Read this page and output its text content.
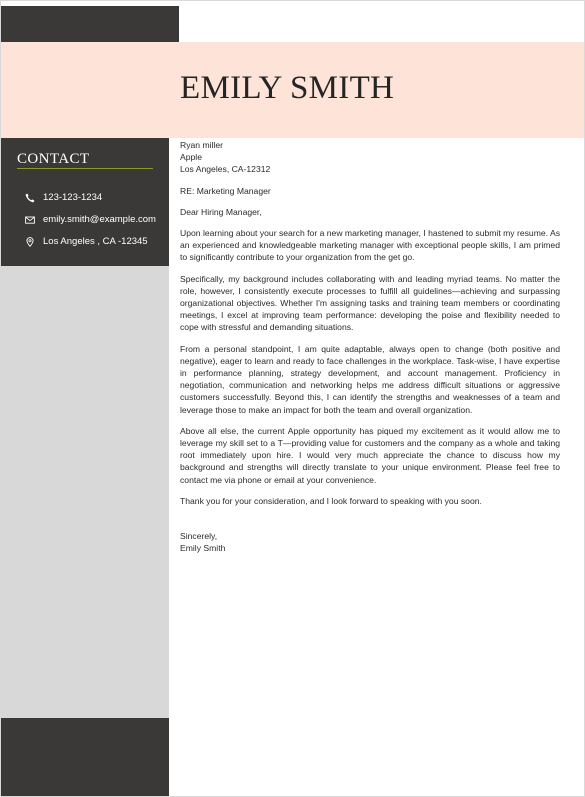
EMILY SMITH
CONTACT
123-123-1234
emily.smith@example.com
Los Angeles , CA -12345
Ryan miller
Apple
Los Angeles, CA-12312

RE: Marketing Manager

Dear Hiring Manager,

Upon learning about your search for a new marketing manager, I hastened to submit my resume. As an experienced and knowledgeable marketing manager with exceptional people skills, I am primed to significantly contribute to your organization from the get go.

Specifically, my background includes collaborating with and leading myriad teams. No matter the role, however, I consistently execute processes to fulfill all guidelines—achieving and surpassing organizational objectives. Whether I'm assigning tasks and training team members or coordinating meetings, I excel at improving team performance: developing the poise and flexibility needed to cope with stressful and demanding situations.

From a personal standpoint, I am quite adaptable, always open to change (both positive and negative), eager to learn and ready to face challenges in the workplace. Task-wise, I have expertise in performance planning, strategy development, and account management. Proficiency in negotiation, communication and networking helps me address difficult situations or aggressive customers successfully. Beyond this, I can identify the strengths and weaknesses of a team and leverage those to make an impact for both the team and overall organization.

Above all else, the current Apple opportunity has piqued my excitement as it would allow me to leverage my skill set to a T—providing value for customers and the company as a whole and taking root immediately upon hire. I would very much appreciate the chance to discuss how my background and strengths will directly translate to your unique environment. Please feel free to contact me via phone or email at your convenience.

Thank you for your consideration, and I look forward to speaking with you soon.

Sincerely,

Emily Smith
